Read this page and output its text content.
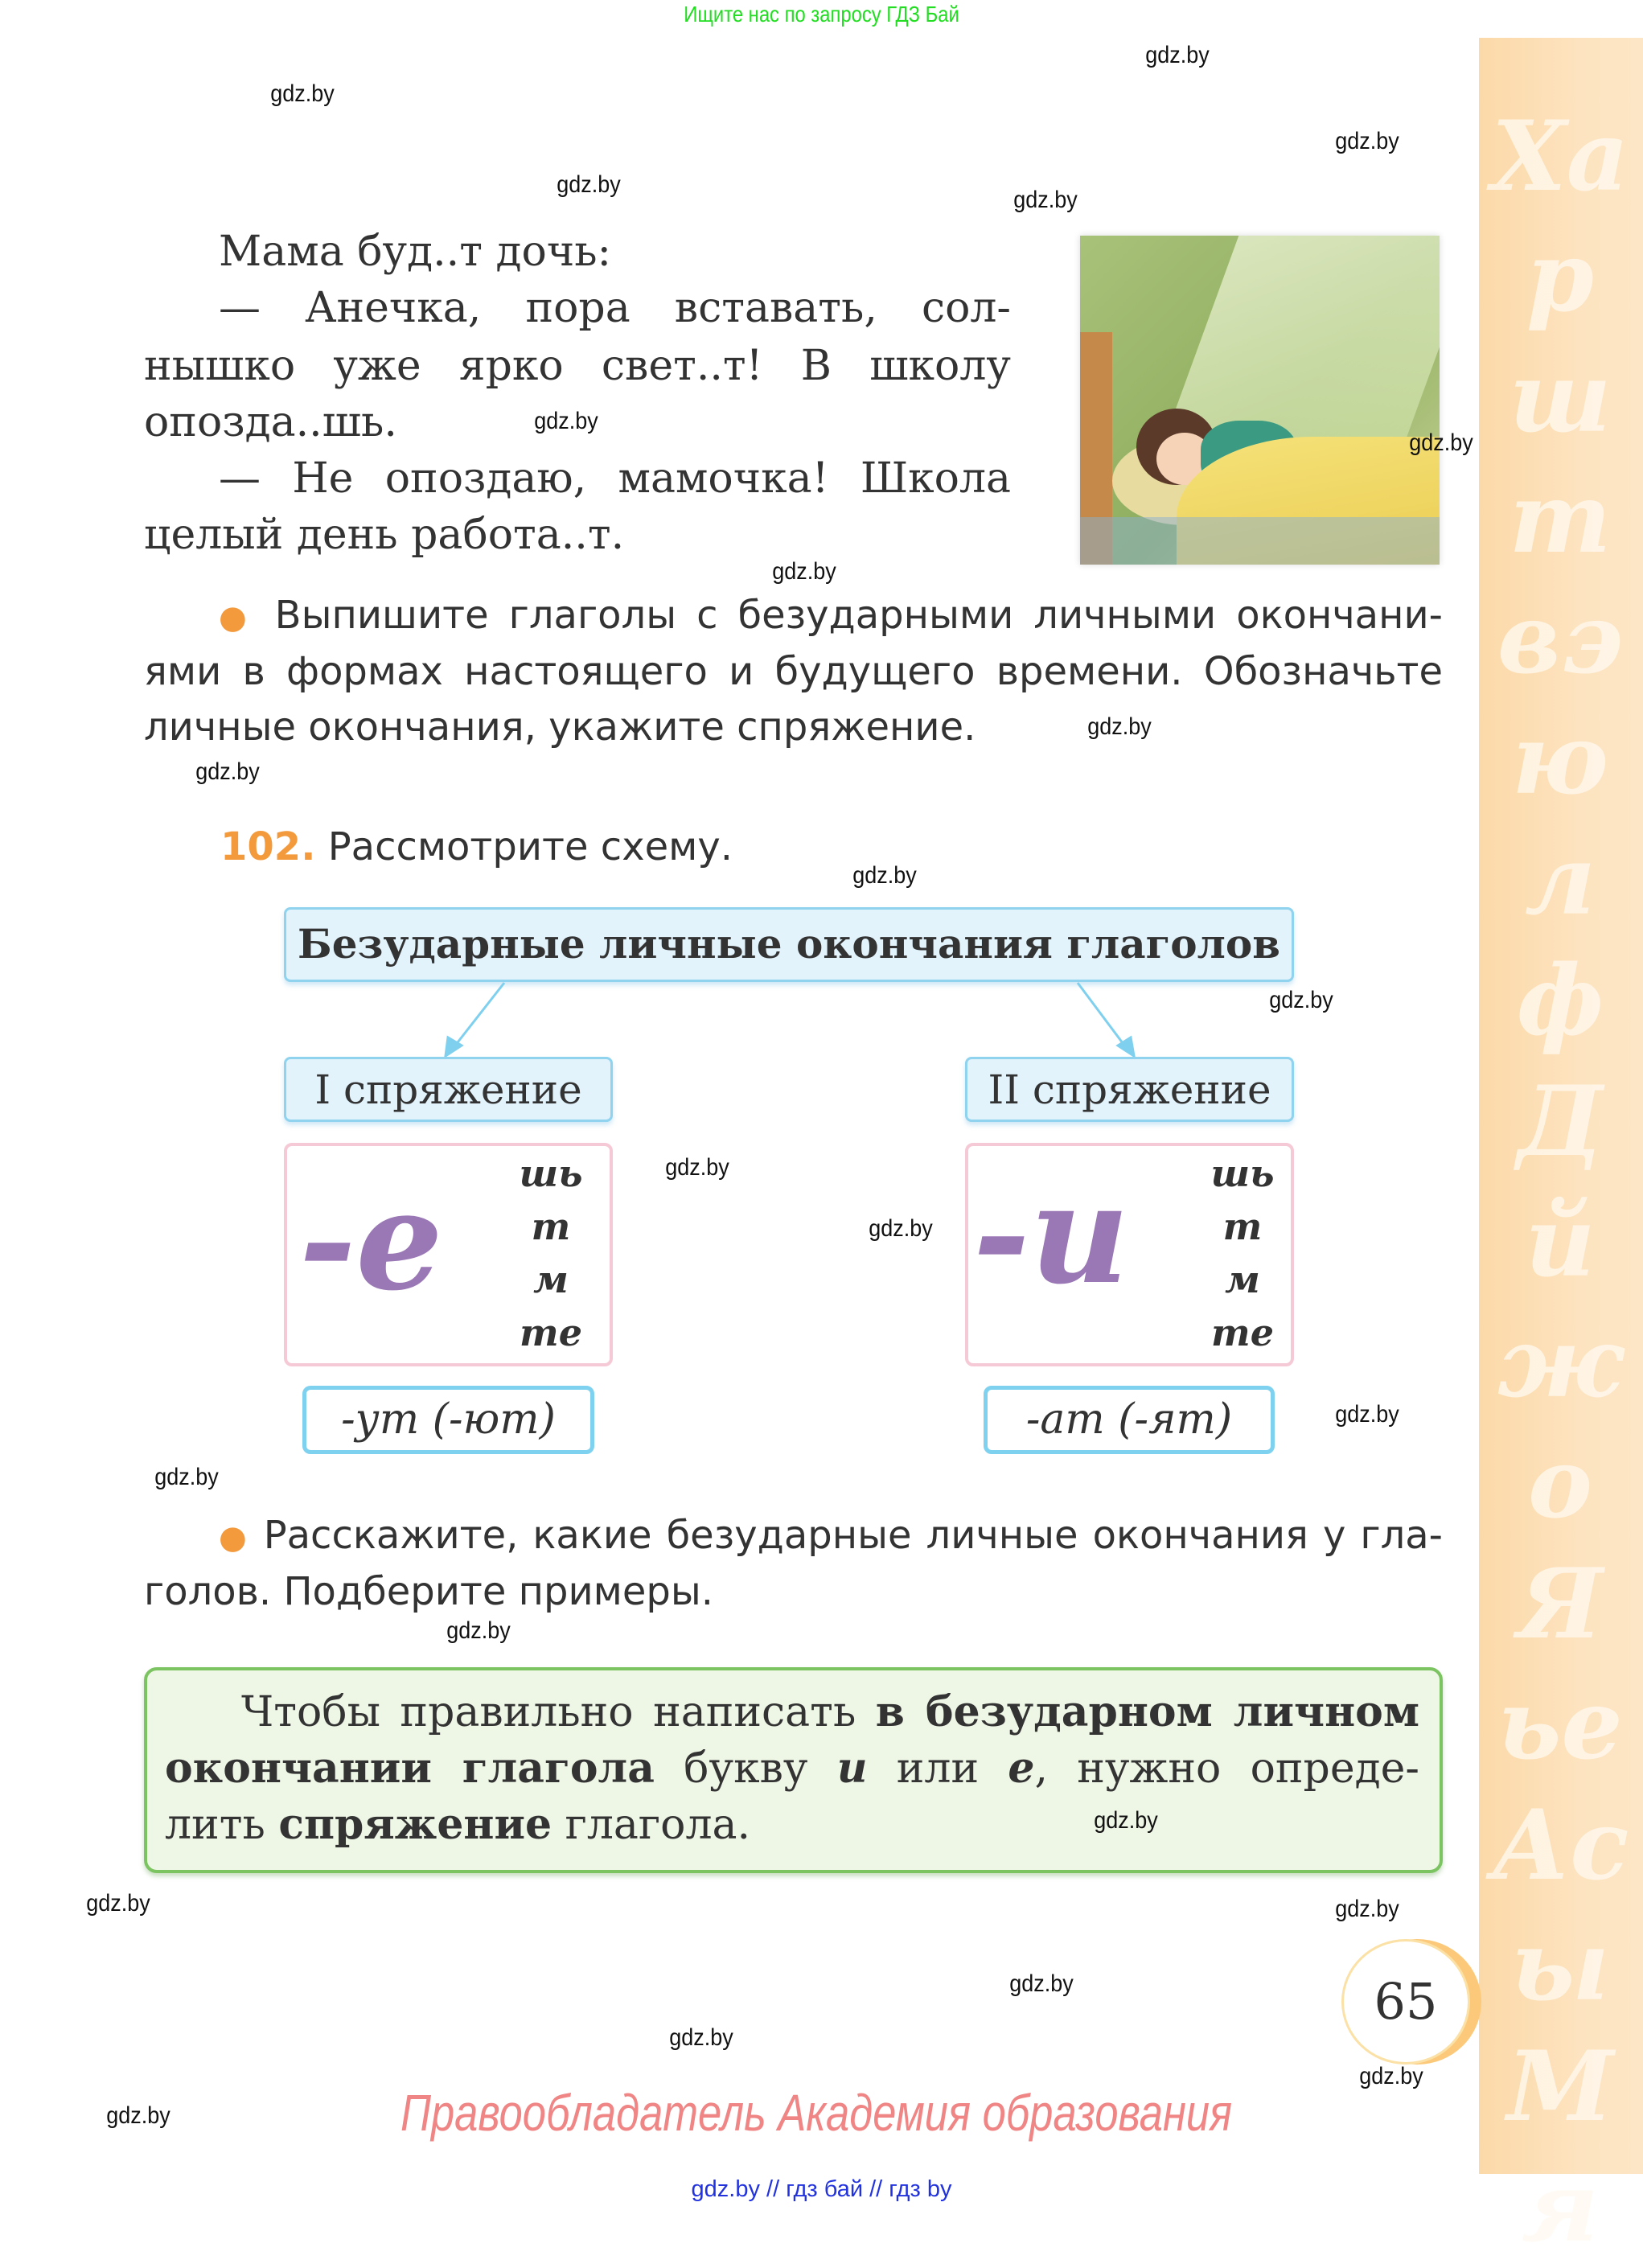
Ищите нас по запросу ГДЗ Бай
ХарштвэюлфДйжоЯьеАсыМя
Мама буд..т дочь:
— Анечка, пора вставать, сол-
нышко уже ярко свет..т! В школу
опозда..шь.
— Не опоздаю, мамочка! Школа
целый день работа..т.
● Выпишите глаголы с безударными личными окончани-
ями в формах настоящего и будущего времени. Обозначьте
личные окончания, укажите спряжение.
102. Рассмотрите схему.
Безударные личные окончания глаголов
I спряжение	II спряжение
-е шь
т
м
те
-и шь
т
м
те
-ут (-ют)	-ат (-ят)
● Расскажите, какие безударные личные окончания у гла-
голов. Подберите примеры.
Чтобы правильно написать в безударном личном
окончании глагола букву и или е, нужно опреде-
лить спряжение глагола.
65
Правообладатель Академия образования
gdz.by // гдз бай // гдз by
gdz.by
gdz.by
gdz.by
gdz.by
gdz.by
gdz.by
gdz.by
gdz.by
gdz.by
gdz.by
gdz.by
gdz.by
gdz.by
gdz.by
gdz.by
gdz.by
gdz.by
gdz.by
gdz.by
gdz.by
gdz.by
gdz.by
gdz.by
gdz.by
